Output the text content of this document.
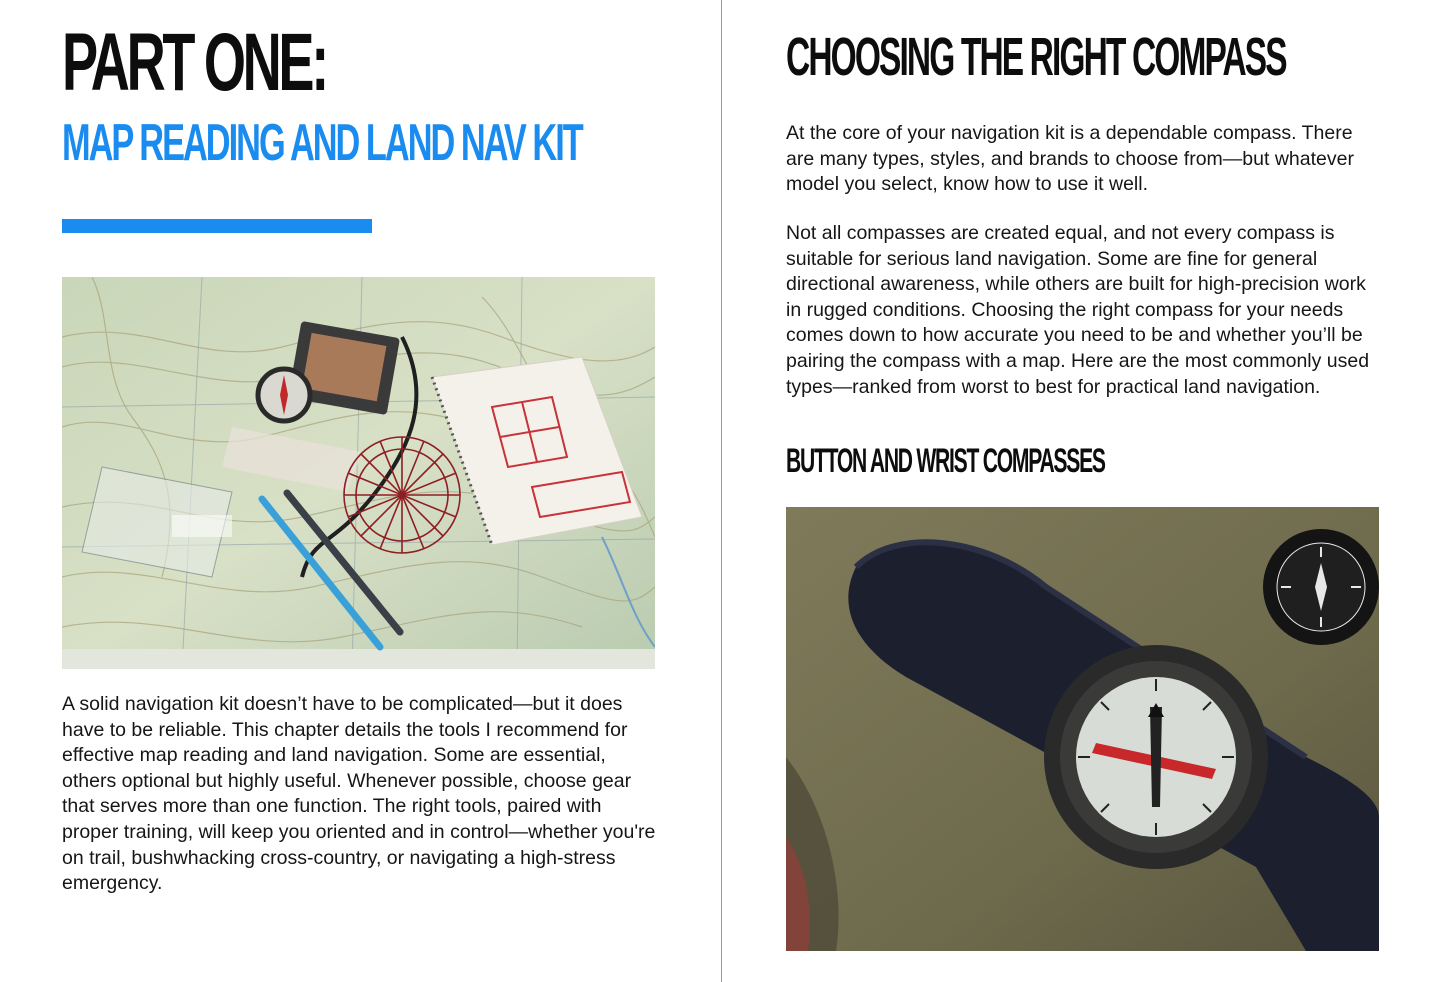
PART ONE:
MAP READING AND LAND NAV KIT

A solid navigation kit doesn’t have to be complicated—but it does have to be reliable. This chapter details the tools I recommend for effective map reading and land navigation. Some are essential, others optional but highly useful. Whenever possible, choose gear that serves more than one function. The right tools, paired with proper training, will keep you oriented and in control—whether you're on trail, bushwhacking cross-country, or navigating a high-stress emergency.

CHOOSING THE RIGHT COMPASS

At the core of your navigation kit is a dependable compass. There are many types, styles, and brands to choose from—but whatever model you select, know how to use it well.

Not all compasses are created equal, and not every compass is suitable for serious land navigation. Some are fine for general directional awareness, while others are built for high-precision work in rugged conditions. Choosing the right compass for your needs comes down to how accurate you need to be and whether you’ll be pairing the compass with a map. Here are the most commonly used types—ranked from worst to best for practical land navigation.

BUTTON AND WRIST COMPASSES
